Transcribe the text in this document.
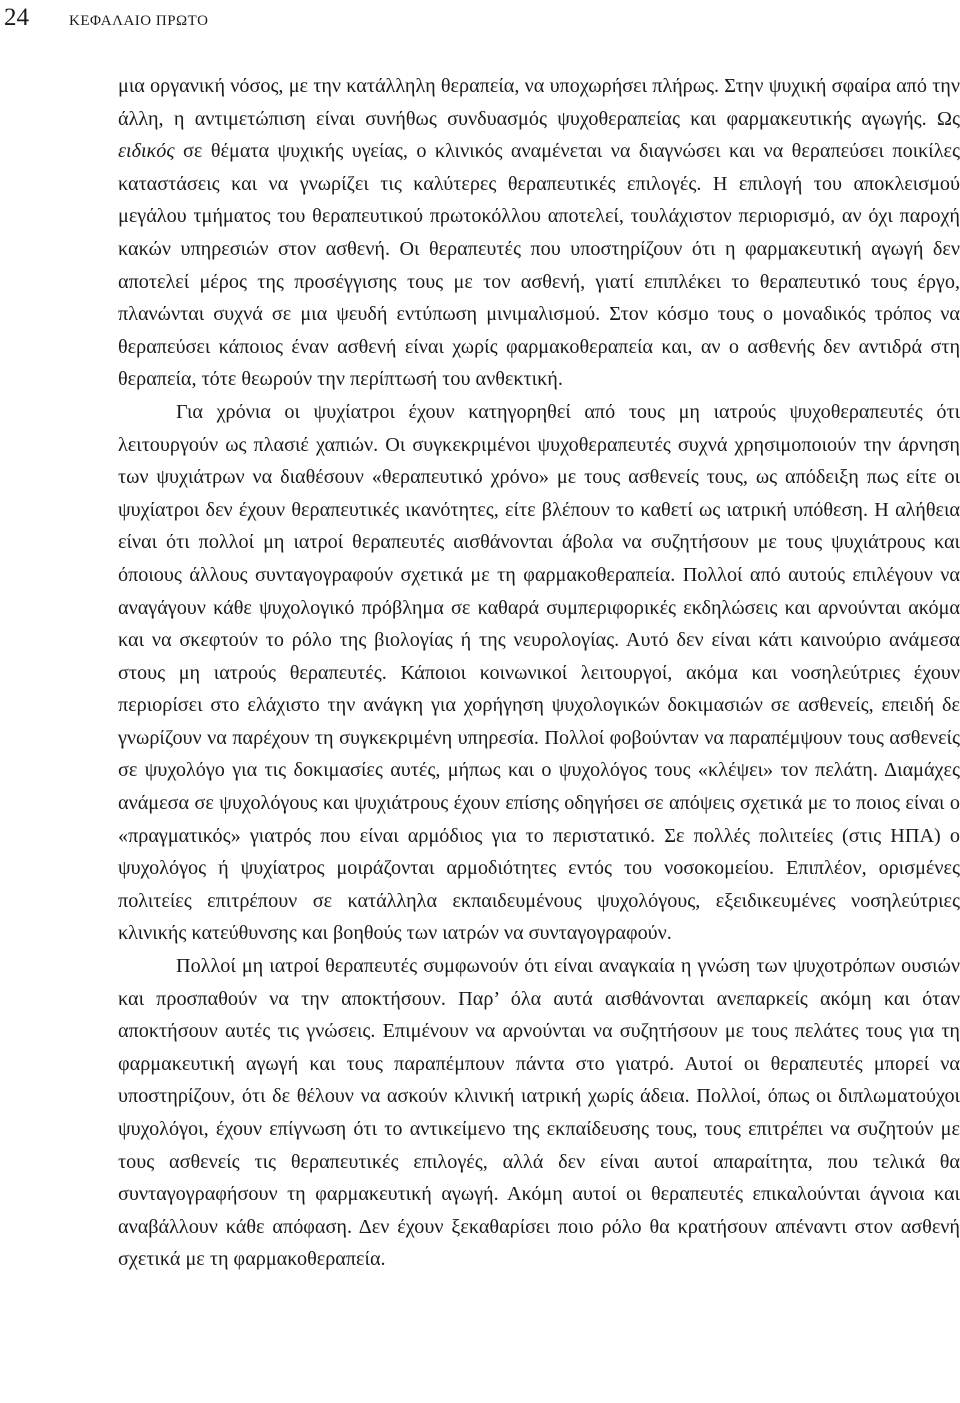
24	ΚΕΦΑΛΑΙΟ ΠΡΩΤΟ

μια οργανική νόσος, με την κατάλληλη θεραπεία, να υποχωρήσει πλήρως. Στην ψυχική σφαίρα από την άλλη, η αντιμετώπιση είναι συνήθως συνδυασμός ψυχοθεραπείας και φαρμακευτικής αγωγής. Ως ειδικός σε θέματα ψυχικής υγείας, ο κλινικός αναμένεται να διαγνώσει και να θεραπεύσει ποικίλες καταστάσεις και να γνωρίζει τις καλύτερες θεραπευτικές επιλογές. Η επιλογή του αποκλεισμού μεγάλου τμήματος του θεραπευτικού πρωτοκόλλου αποτελεί, τουλάχιστον περιορισμό, αν όχι παροχή κακών υπηρεσιών στον ασθενή. Οι θεραπευτές που υποστηρίζουν ότι η φαρμακευτική αγωγή δεν αποτελεί μέρος της προσέγγισης τους με τον ασθενή, γιατί επιπλέκει το θεραπευτικό τους έργο, πλανώνται συχνά σε μια ψευδή εντύπωση μινιμαλισμού. Στον κόσμο τους ο μοναδικός τρόπος να θεραπεύσει κάποιος έναν ασθενή είναι χωρίς φαρμακοθεραπεία και, αν ο ασθενής δεν αντιδρά στη θεραπεία, τότε θεωρούν την περίπτωσή του ανθεκτική.

Για χρόνια οι ψυχίατροι έχουν κατηγορηθεί από τους μη ιατρούς ψυχοθεραπευτές ότι λειτουργούν ως πλασιέ χαπιών. Οι συγκεκριμένοι ψυχοθεραπευτές συχνά χρησιμοποιούν την άρνηση των ψυχιάτρων να διαθέσουν «θεραπευτικό χρόνο» με τους ασθενείς τους, ως απόδειξη πως είτε οι ψυχίατροι δεν έχουν θεραπευτικές ικανότητες, είτε βλέπουν το καθετί ως ιατρική υπόθεση. Η αλήθεια είναι ότι πολλοί μη ιατροί θεραπευτές αισθάνονται άβολα να συζητήσουν με τους ψυχιάτρους και όποιους άλλους συνταγογραφούν σχετικά με τη φαρμακοθεραπεία. Πολλοί από αυτούς επιλέγουν να αναγάγουν κάθε ψυχολογικό πρόβλημα σε καθαρά συμπεριφορικές εκδηλώσεις και αρνούνται ακόμα και να σκεφτούν το ρόλο της βιολογίας ή της νευρολογίας. Αυτό δεν είναι κάτι καινούριο ανάμεσα στους μη ιατρούς θεραπευτές. Κάποιοι κοινωνικοί λειτουργοί, ακόμα και νοσηλεύτριες έχουν περιορίσει στο ελάχιστο την ανάγκη για χορήγηση ψυχολογικών δοκιμασιών σε ασθενείς, επειδή δε γνωρίζουν να παρέχουν τη συγκεκριμένη υπηρεσία. Πολλοί φοβούνταν να παραπέμψουν τους ασθενείς σε ψυχολόγο για τις δοκιμασίες αυτές, μήπως και ο ψυχολόγος τους «κλέψει» τον πελάτη. Διαμάχες ανάμεσα σε ψυχολόγους και ψυχιάτρους έχουν επίσης οδηγήσει σε απόψεις σχετικά με το ποιος είναι ο «πραγματικός» γιατρός που είναι αρμόδιος για το περιστατικό. Σε πολλές πολιτείες (στις ΗΠΑ) ο ψυχολόγος ή ψυχίατρος μοιράζονται αρμοδιότητες εντός του νοσοκομείου. Επιπλέον, ορισμένες πολιτείες επιτρέπουν σε κατάλληλα εκπαιδευμένους ψυχολόγους, εξειδικευμένες νοσηλεύτριες κλινικής κατεύθυνσης και βοηθούς των ιατρών να συνταγογραφούν.

Πολλοί μη ιατροί θεραπευτές συμφωνούν ότι είναι αναγκαία η γνώση των ψυχοτρόπων ουσιών και προσπαθούν να την αποκτήσουν. Παρ’ όλα αυτά αισθάνονται ανεπαρκείς ακόμη και όταν αποκτήσουν αυτές τις γνώσεις. Επιμένουν να αρνούνται να συζητήσουν με τους πελάτες τους για τη φαρμακευτική αγωγή και τους παραπέμπουν πάντα στο γιατρό. Αυτοί οι θεραπευτές μπορεί να υποστηρίζουν, ότι δε θέλουν να ασκούν κλινική ιατρική χωρίς άδεια. Πολλοί, όπως οι διπλωματούχοι ψυχολόγοι, έχουν επίγνωση ότι το αντικείμενο της εκπαίδευσης τους, τους επιτρέπει να συζητούν με τους ασθενείς τις θεραπευτικές επιλογές, αλλά δεν είναι αυτοί απαραίτητα, που τελικά θα συνταγογραφήσουν τη φαρμακευτική αγωγή. Ακόμη αυτοί οι θεραπευτές επικαλούνται άγνοια και αναβάλλουν κάθε απόφαση. Δεν έχουν ξεκαθαρίσει ποιο ρόλο θα κρατήσουν απέναντι στον ασθενή σχετικά με τη φαρμακοθεραπεία.
